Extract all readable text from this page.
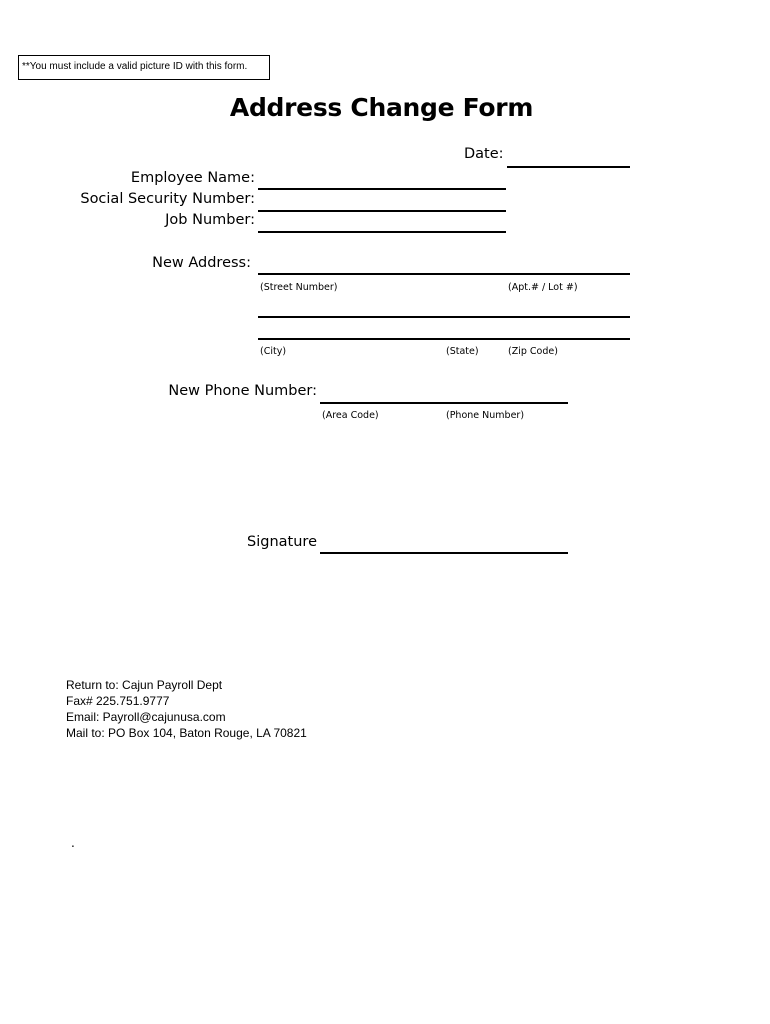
**You must include a valid picture ID with this form.
Address Change Form
Date:
Employee Name:
Social Security Number:
Job Number:
New Address:
(Street Number)	(Apt.# / Lot #)
(City)	(State)	(Zip Code)
New Phone Number:
(Area Code)	(Phone Number)
Signature
Return to: Cajun Payroll Dept
Fax# 225.751.9777
Email: Payroll@cajunusa.com
Mail to: PO Box 104, Baton Rouge, LA 70821
.
